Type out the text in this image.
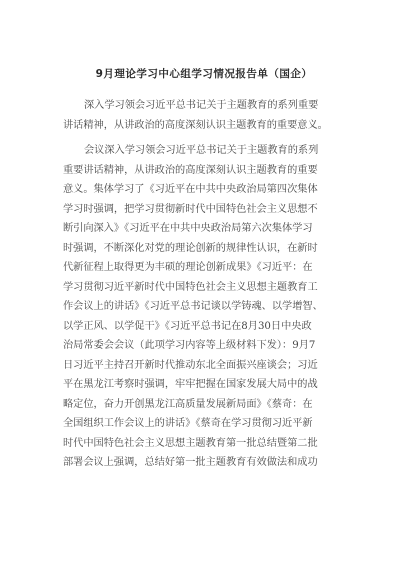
9月理论学习中心组学习情况报告单（国企）
深入学习领会习近平总书记关于主题教育的系列重要
讲话精神，从讲政治的高度深刻认识主题教育的重要意义。
会议深入学习领会习近平总书记关于主题教育的系列
重要讲话精神，从讲政治的高度深刻认识主题教育的重要
意义。集体学习了《习近平在中共中央政治局第四次集体
学习时强调，把学习贯彻新时代中国特色社会主义思想不
断引向深入》《习近平在中共中央政治局第六次集体学习
时强调，不断深化对党的理论创新的规律性认识，在新时
代新征程上取得更为丰硕的理论创新成果》《习近平：在
学习贯彻习近平新时代中国特色社会主义思想主题教育工
作会议上的讲话》《习近平总书记谈以学铸魂、以学增智、
以学正风、以学促干》《习近平总书记在8月30日中央政
治局常委会会议（此项学习内容等上级材料下发）：9月7
日习近平主持召开新时代推动东北全面振兴座谈会；习近
平在黑龙江考察时强调，牢牢把握在国家发展大局中的战
略定位，奋力开创黑龙江高质量发展新局面》《蔡奇：在
全国组织工作会议上的讲话》《蔡奇在学习贯彻习近平新
时代中国特色社会主义思想主题教育第一批总结暨第二批
部署会议上强调，总结好第一批主题教育有效做法和成功
